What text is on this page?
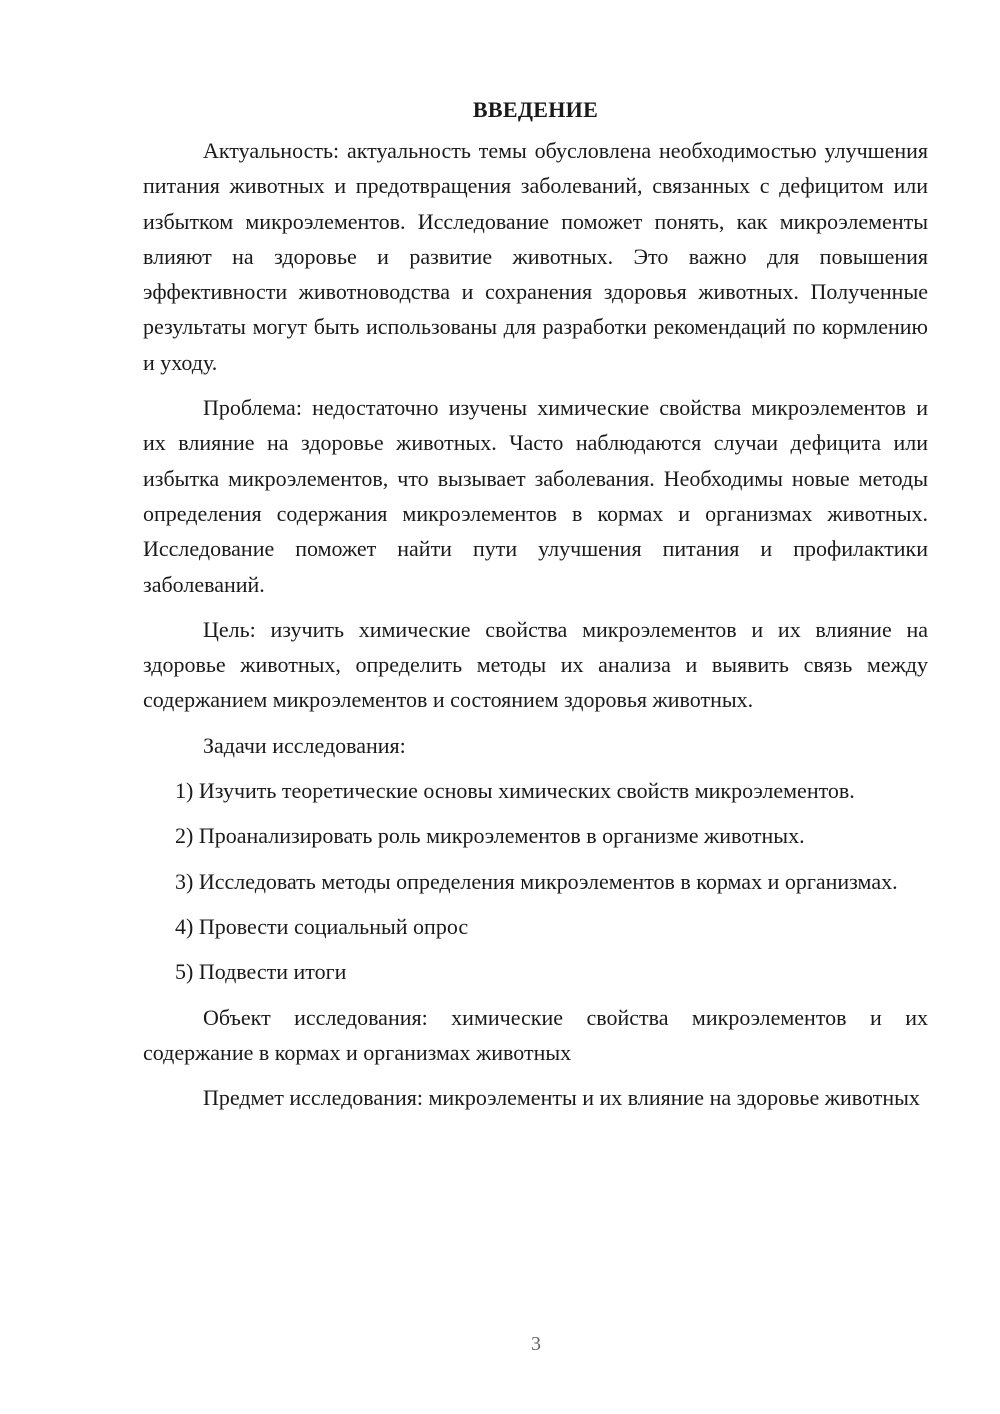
ВВЕДЕНИЕ

Актуальность: актуальность темы обусловлена необходимостью улучшения питания животных и предотвращения заболеваний, связанных с дефицитом или избытком микроэлементов. Исследование поможет понять, как микроэлементы влияют на здоровье и развитие животных. Это важно для повышения эффективности животноводства и сохранения здоровья животных. Полученные результаты могут быть использованы для разработки рекомендаций по кормлению и уходу.

Проблема: недостаточно изучены химические свойства микроэлементов и их влияние на здоровье животных. Часто наблюдаются случаи дефицита или избытка микроэлементов, что вызывает заболевания. Необходимы новые методы определения содержания микроэлементов в кормах и организмах животных. Исследование поможет найти пути улучшения питания и профилактики заболеваний.

Цель: изучить химические свойства микроэлементов и их влияние на здоровье животных, определить методы их анализа и выявить связь между содержанием микроэлементов и состоянием здоровья животных.

Задачи исследования:

1) Изучить теоретические основы химических свойств микроэлементов.

2) Проанализировать роль микроэлементов в организме животных.

3) Исследовать методы определения микроэлементов в кормах и организмах.

4) Провести социальный опрос

5) Подвести итоги

Объект исследования: химические свойства микроэлементов и их содержание в кормах и организмах животных

Предмет исследования: микроэлементы и их влияние на здоровье животных

3
